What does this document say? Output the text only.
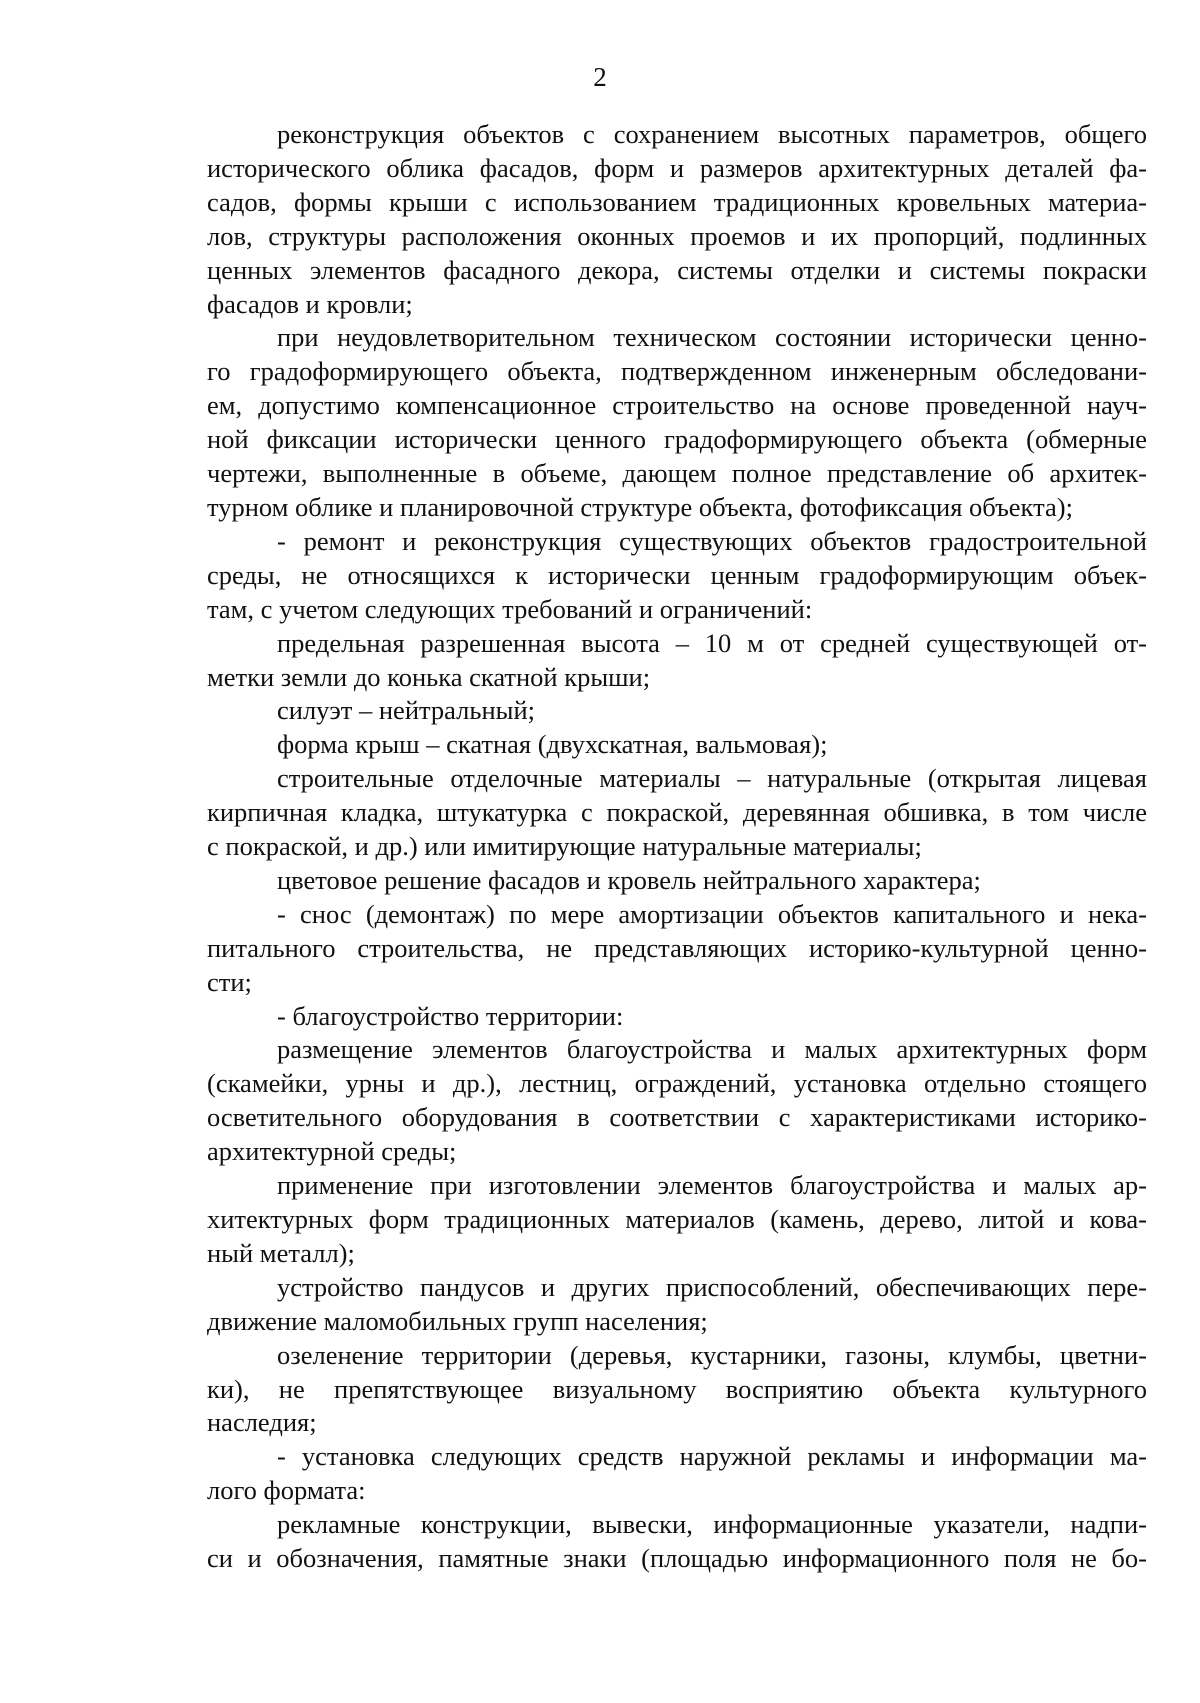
2
реконструкция объектов с сохранением высотных параметров, общего
исторического облика фасадов, форм и размеров архитектурных деталей фа-
садов, формы крыши с использованием традиционных кровельных материа-
лов, структуры расположения оконных проемов и их пропорций, подлинных
ценных элементов фасадного декора, системы отделки и системы покраски
фасадов и кровли;
при неудовлетворительном техническом состоянии исторически ценно-
го градоформирующего объекта, подтвержденном инженерным обследовани-
ем, допустимо компенсационное строительство на основе проведенной науч-
ной фиксации исторически ценного градоформирующего объекта (обмерные
чертежи, выполненные в объеме, дающем полное представление об архитек-
турном облике и планировочной структуре объекта, фотофиксация объекта);
- ремонт и реконструкция существующих объектов градостроительной
среды, не относящихся к исторически ценным градоформирующим объек-
там, с учетом следующих требований и ограничений:
предельная разрешенная высота – 10 м от средней существующей от-
метки земли до конька скатной крыши;
силуэт – нейтральный;
форма крыш – скатная (двухскатная, вальмовая);
строительные отделочные материалы – натуральные (открытая лицевая
кирпичная кладка, штукатурка с покраской, деревянная обшивка, в том числе
с покраской, и др.) или имитирующие натуральные материалы;
цветовое решение фасадов и кровель нейтрального характера;
- снос (демонтаж) по мере амортизации объектов капитального и нека-
питального строительства, не представляющих историко-культурной ценно-
сти;
- благоустройство территории:
размещение элементов благоустройства и малых архитектурных форм
(скамейки, урны и др.), лестниц, ограждений, установка отдельно стоящего
осветительного оборудования в соответствии с характеристиками историко-
архитектурной среды;
применение при изготовлении элементов благоустройства и малых ар-
хитектурных форм традиционных материалов (камень, дерево, литой и кова-
ный металл);
устройство пандусов и других приспособлений, обеспечивающих пере-
движение маломобильных групп населения;
озеленение территории (деревья, кустарники, газоны, клумбы, цветни-
ки), не препятствующее визуальному восприятию объекта культурного
наследия;
- установка следующих средств наружной рекламы и информации ма-
лого формата:
рекламные конструкции, вывески, информационные указатели, надпи-
си и обозначения, памятные знаки (площадью информационного поля не бо-
